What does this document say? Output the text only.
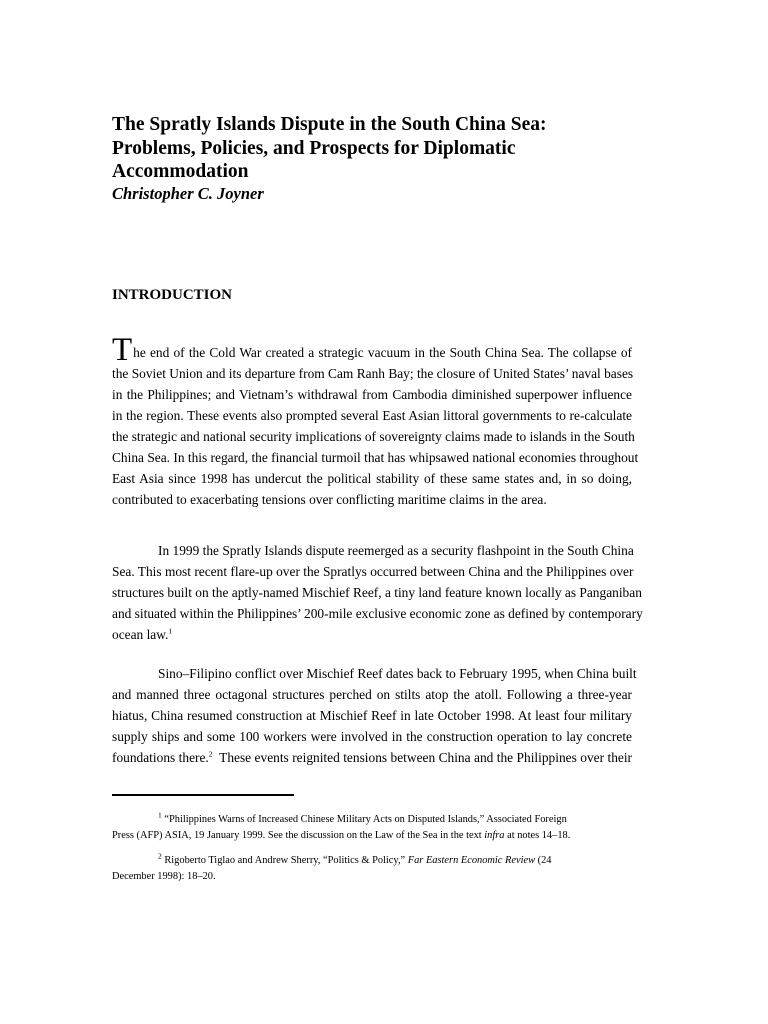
The Spratly Islands Dispute in the South China Sea:
Problems, Policies, and Prospects for Diplomatic
Accommodation

Christopher C. Joyner

INTRODUCTION
The end of the Cold War created a strategic vacuum in the South China Sea. The collapse of
the Soviet Union and its departure from Cam Ranh Bay; the closure of United States’ naval bases
in the Philippines; and Vietnam’s withdrawal from Cambodia diminished superpower influence
in the region. These events also prompted several East Asian littoral governments to re-calculate
the strategic and national security implications of sovereignty claims made to islands in the South
China Sea. In this regard, the financial turmoil that has whipsawed national economies throughout
East Asia since 1998 has undercut the political stability of these same states and, in so doing,
contributed to exacerbating tensions over conflicting maritime claims in the area.
In 1999 the Spratly Islands dispute reemerged as a security flashpoint in the South China
Sea. This most recent flare-up over the Spratlys occurred between China and the Philippines over
structures built on the aptly-named Mischief Reef, a tiny land feature known locally as Panganiban
and situated within the Philippines’ 200-mile exclusive economic zone as defined by contemporary
ocean law.$^1$
Sino–Filipino conflict over Mischief Reef dates back to February 1995, when China built
and manned three octagonal structures perched on stilts atop the atoll. Following a three-year
hiatus, China resumed construction at Mischief Reef in late October 1998. At least four military
supply ships and some 100 workers were involved in the construction operation to lay concrete
foundations there.$^2$  These events reignited tensions between China and the Philippines over their
$^1$ “Philippines Warns of Increased Chinese Military Acts on Disputed Islands,” Associated Foreign
Press (AFP) ASIA, 19 January 1999. See the discussion on the Law of the Sea in the text infra at notes 14–18.
$^2$ Rigoberto Tiglao and Andrew Sherry, “Politics & Policy,” Far Eastern Economic Review (24
December 1998): 18–20.
